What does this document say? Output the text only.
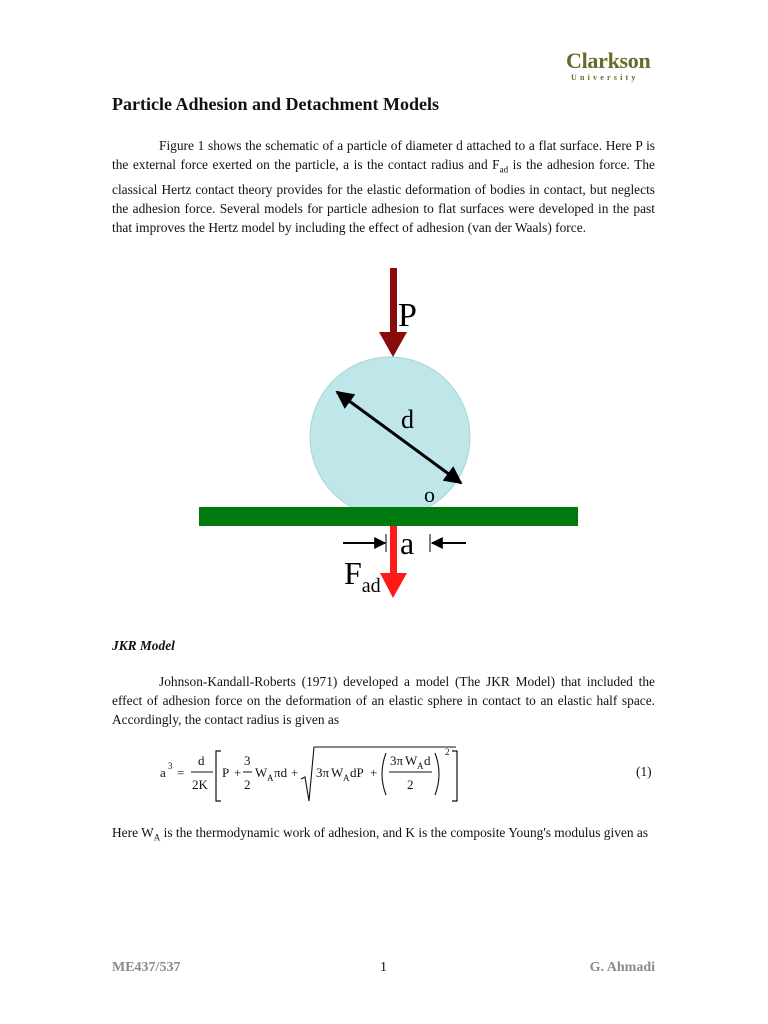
Clarkson
University
Particle Adhesion and Detachment Models
Figure 1 shows the schematic of a particle of diameter d attached to a flat surface. Here P is the external force exerted on the particle, a is the contact radius and $F_{ad}$ is the adhesion force. The classical Hertz contact theory provides for the elastic deformation of bodies in contact, but neglects the adhesion force. Several models for particle adhesion to flat surfaces were developed in the past that improves the Hertz model by including the effect of adhesion (van der Waals) force.
P
d
o
a
$F_{ad}$
JKR Model
Johnson-Kandall-Roberts (1971) developed a model (The JKR Model) that included the effect of adhesion force on the deformation of an elastic sphere in contact to an elastic half space. Accordingly, the contact radius is given as
a 3 =
d
2K
P +
3
2
W A πd + 3π W A dP +
3π W A d
2
2
(1)
Here $W_A$ is the thermodynamic work of adhesion, and K is the composite Young's modulus given as
ME437/537	1	G. Ahmadi
